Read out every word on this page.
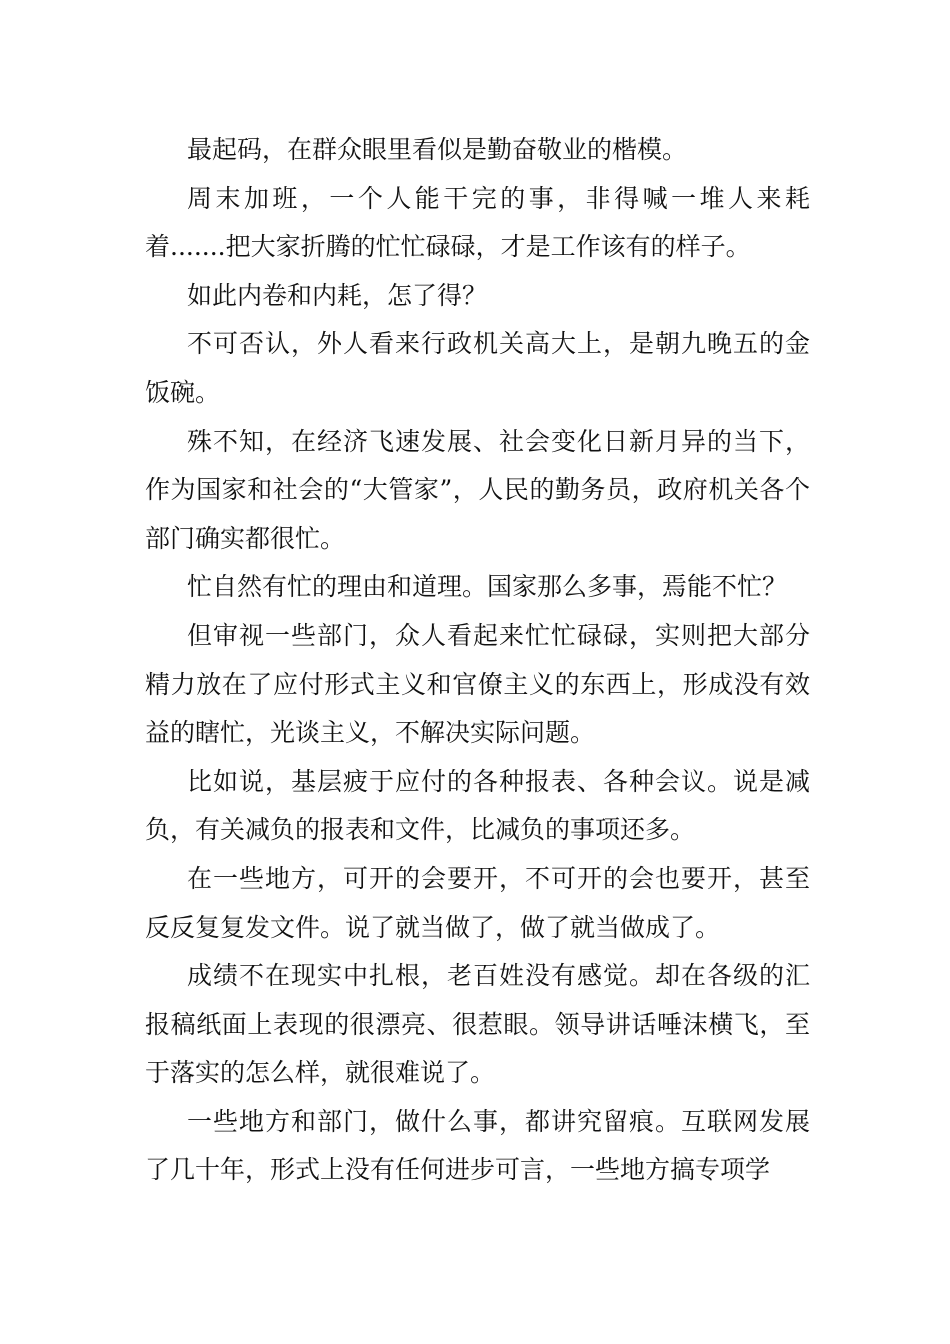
最起码，在群众眼里看似是勤奋敬业的楷模。

周末加班，一个人能干完的事，非得喊一堆人来耗着.......把大家折腾的忙忙碌碌，才是工作该有的样子。

如此内卷和内耗，怎了得？

不可否认，外人看来行政机关高大上，是朝九晚五的金饭碗。

殊不知，在经济飞速发展、社会变化日新月异的当下，作为国家和社会的“大管家”，人民的勤务员，政府机关各个部门确实都很忙。

忙自然有忙的理由和道理。国家那么多事，焉能不忙？

但审视一些部门，众人看起来忙忙碌碌，实则把大部分精力放在了应付形式主义和官僚主义的东西上，形成没有效益的瞎忙，光谈主义，不解决实际问题。

比如说，基层疲于应付的各种报表、各种会议。说是减负，有关减负的报表和文件，比减负的事项还多。

在一些地方，可开的会要开，不可开的会也要开，甚至反反复复发文件。说了就当做了，做了就当做成了。

成绩不在现实中扎根，老百姓没有感觉。却在各级的汇报稿纸面上表现的很漂亮、很惹眼。领导讲话唾沫横飞，至于落实的怎么样，就很难说了。

一些地方和部门，做什么事，都讲究留痕。互联网发展了几十年，形式上没有任何进步可言，一些地方搞专项学
